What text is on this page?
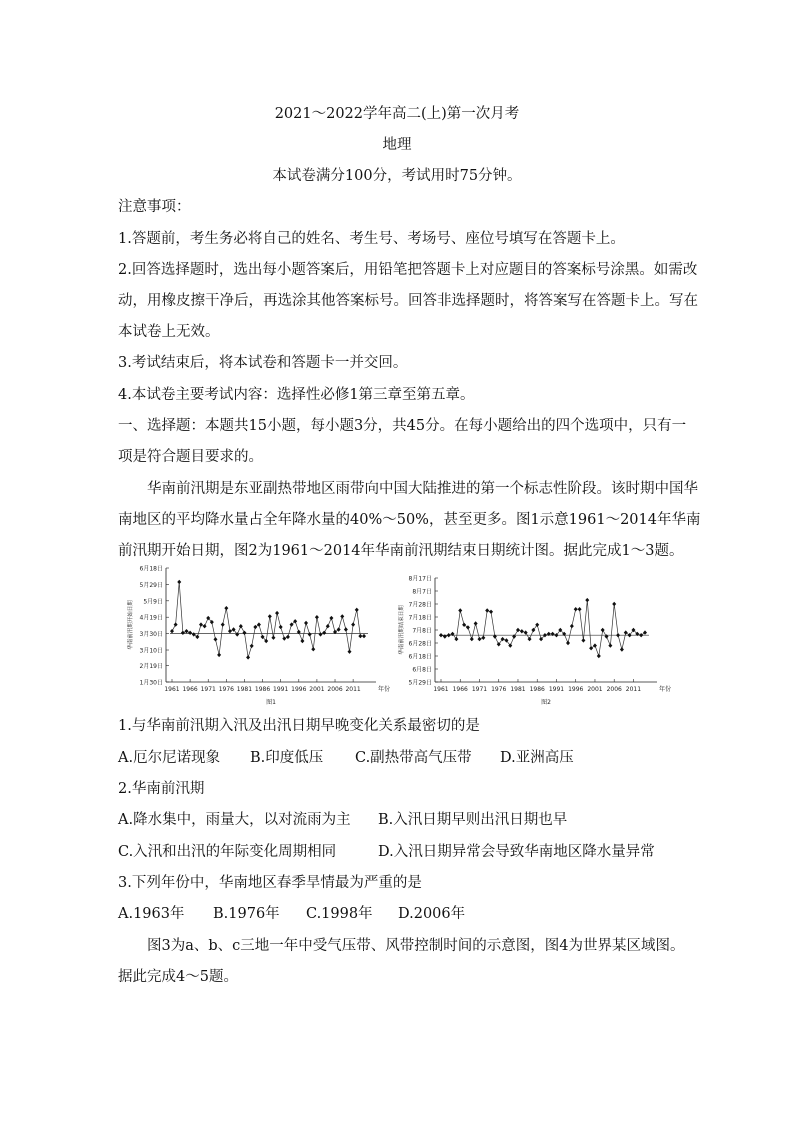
2021～2022学年高二(上)第一次月考
地理
本试卷满分100分，考试用时75分钟。
注意事项：
1.答题前，考生务必将自己的姓名、考生号、考场号、座位号填写在答题卡上。
2.回答选择题时，选出每小题答案后，用铅笔把答题卡上对应题目的答案标号涂黑。如需改
动，用橡皮擦干净后，再选涂其他答案标号。回答非选择题时，将答案写在答题卡上。写在
本试卷上无效。
3.考试结束后，将本试卷和答题卡一并交回。
4.本试卷主要考试内容：选择性必修1第三章至第五章。
一、选择题：本题共15小题，每小题3分，共45分。在每小题给出的四个选项中，只有一
项是符合题目要求的。
华南前汛期是东亚副热带地区雨带向中国大陆推进的第一个标志性阶段。该时期中国华
南地区的平均降水量占全年降水量的40%～50%，甚至更多。图1示意1961～2014年华南
前汛期开始日期，图2为1961～2014年华南前汛期结束日期统计图。据此完成1～3题。
1月30日
2月19日
3月10日
3月30日
4月19日
5月9日
5月29日
6月18日
1961 1966 1971 1976 1981 1986 1991 1996 2001 2006 2011	年份
华南前汛期开始日期
图1
5月29日
6月8日
6月18日
6月28日
7月8日
7月18日
7月28日
8月7日
8月17日
1961 1966 1971 1976 1981 1986 1991 1996 2001 2006 2011	年份
华南前汛期结束日期
图2
1.与华南前汛期入汛及出汛日期早晚变化关系最密切的是
A.厄尔尼诺现象 B.印度低压 C.副热带高气压带 D.亚洲高压
2.华南前汛期
A.降水集中，雨量大，以对流雨为主 B.入汛日期早则出汛日期也早
C.入汛和出汛的年际变化周期相同	D.入汛日期异常会导致华南地区降水量异常
3.下列年份中，华南地区春季旱情最为严重的是
A.1963年 B.1976年 C.1998年 D.2006年
图3为a、b、c三地一年中受气压带、风带控制时间的示意图，图4为世界某区域图。
据此完成4～5题。
